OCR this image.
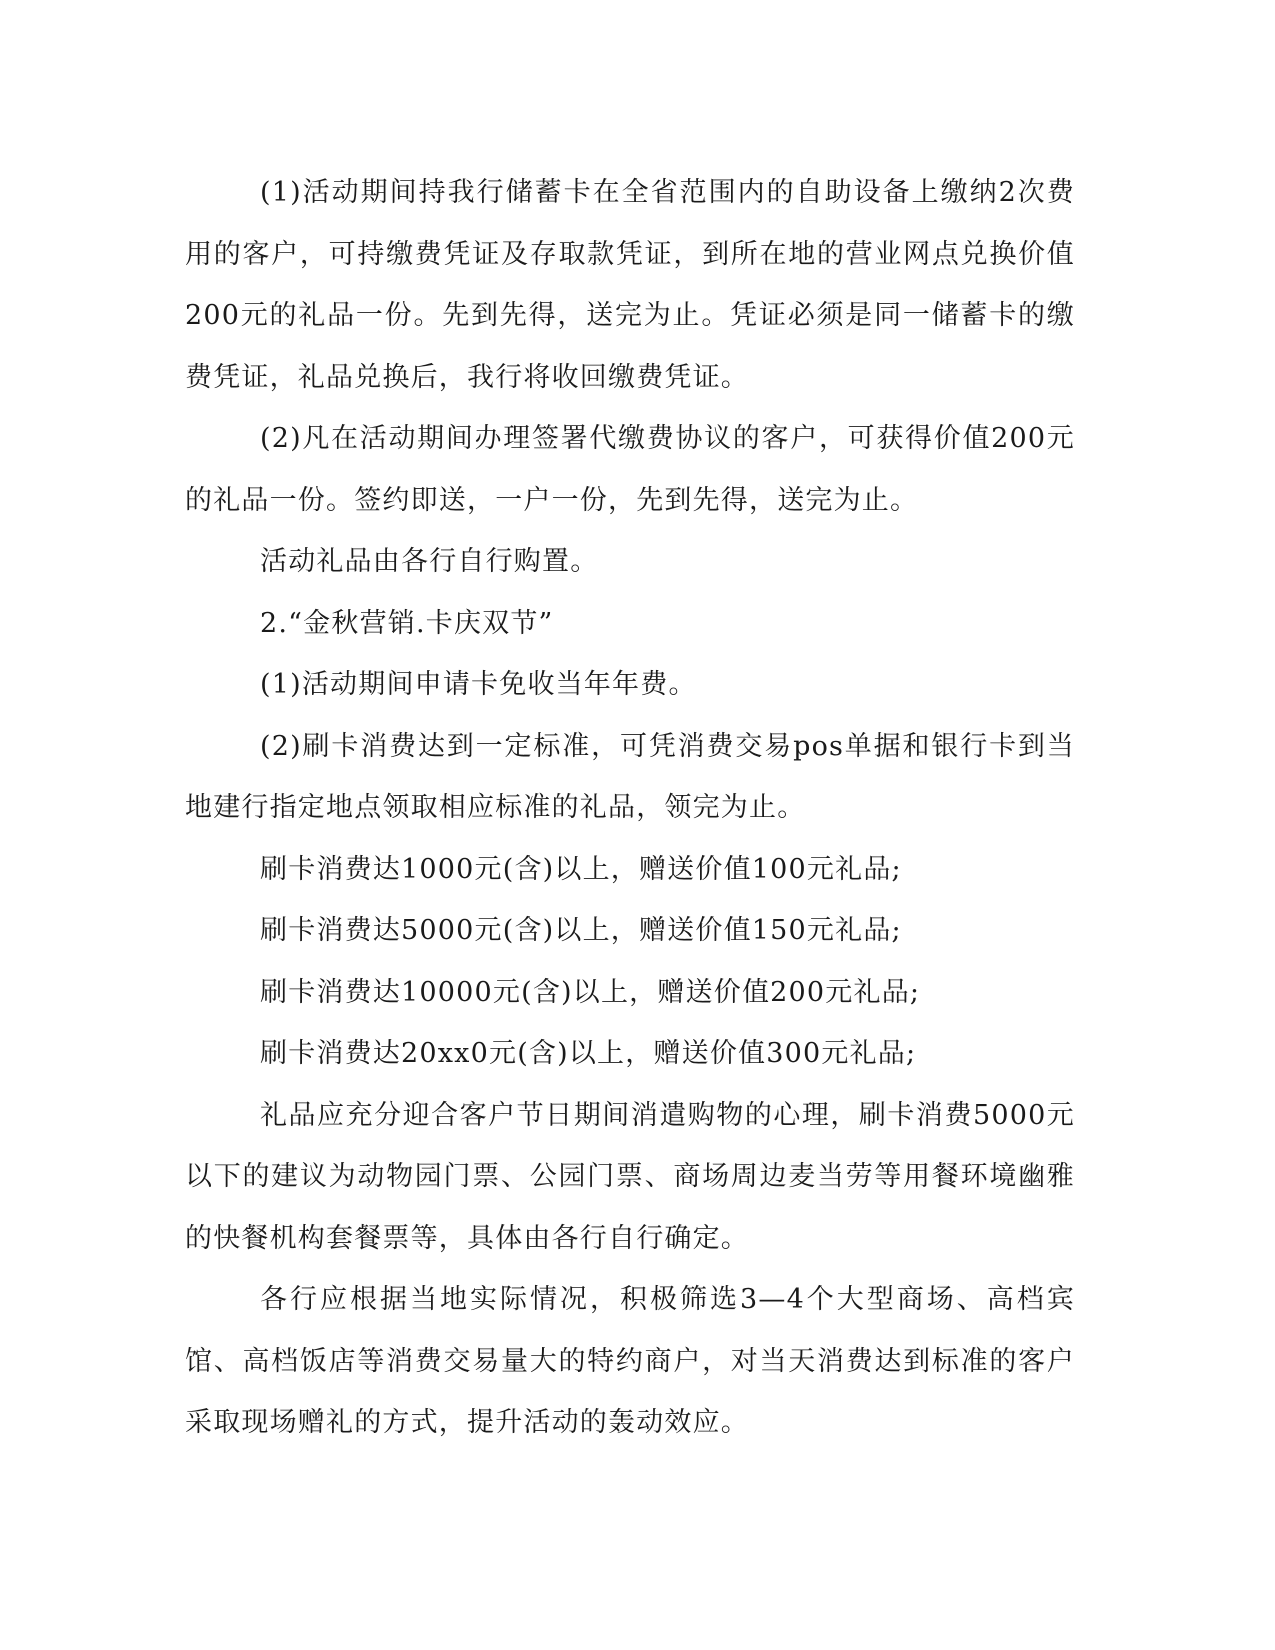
(1)活动期间持我行储蓄卡在全省范围内的自助设备上缴纳2次费用的客户，可持缴费凭证及存取款凭证，到所在地的营业网点兑换价值200元的礼品一份。先到先得，送完为止。凭证必须是同一储蓄卡的缴费凭证，礼品兑换后，我行将收回缴费凭证。

(2)凡在活动期间办理签署代缴费协议的客户，可获得价值200元的礼品一份。签约即送，一户一份，先到先得，送完为止。

活动礼品由各行自行购置。

2.“金秋营销.卡庆双节”

(1)活动期间申请卡免收当年年费。

(2)刷卡消费达到一定标准，可凭消费交易pos单据和银行卡到当地建行指定地点领取相应标准的礼品，领完为止。

刷卡消费达1000元(含)以上，赠送价值100元礼品;

刷卡消费达5000元(含)以上，赠送价值150元礼品;

刷卡消费达10000元(含)以上，赠送价值200元礼品;

刷卡消费达20xx0元(含)以上，赠送价值300元礼品;

礼品应充分迎合客户节日期间消遣购物的心理，刷卡消费5000元以下的建议为动物园门票、公园门票、商场周边麦当劳等用餐环境幽雅的快餐机构套餐票等，具体由各行自行确定。

各行应根据当地实际情况，积极筛选3—4个大型商场、高档宾馆、高档饭店等消费交易量大的特约商户，对当天消费达到标准的客户采取现场赠礼的方式，提升活动的轰动效应。
